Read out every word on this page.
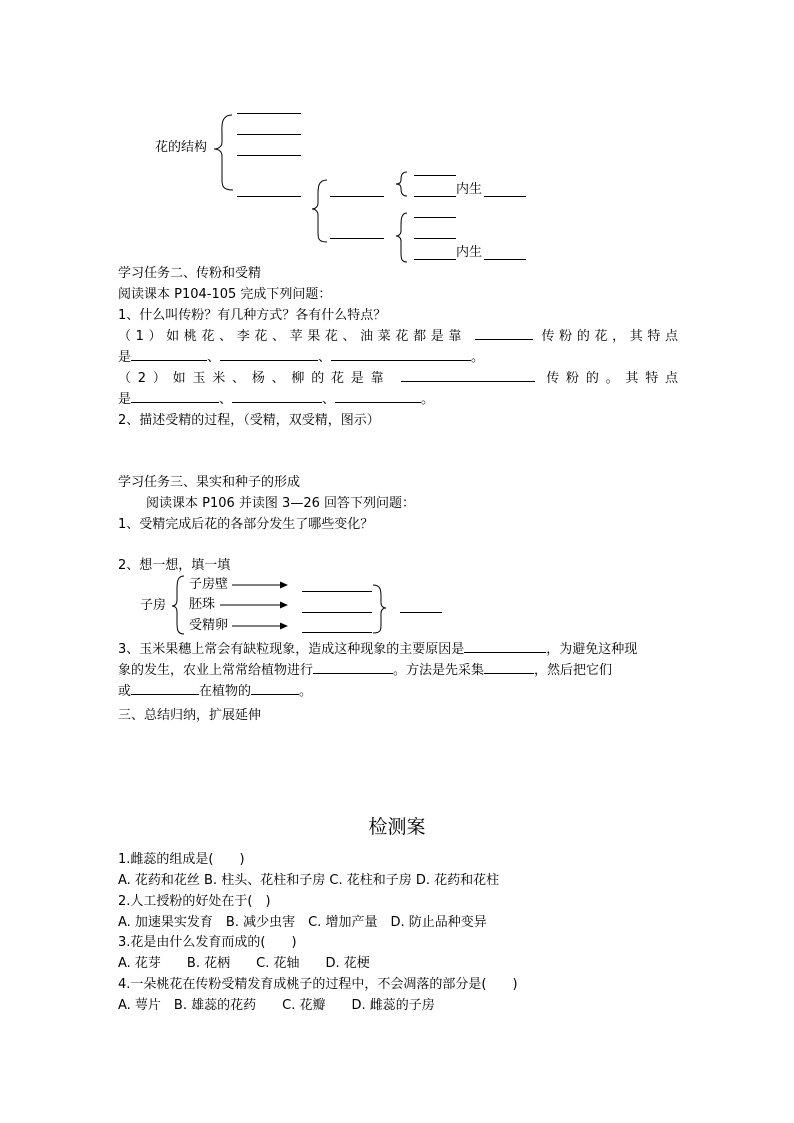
花的结构
内生
内生
学习任务二、传粉和受精
阅读课本 P104-105 完成下列问题：
1、什么叫传粉？有几种方式？各有什么特点？
（1）如桃花、李花、苹果花、油菜花都是靠	传粉的花，其特点
是	、	、	。
（2）如玉米、杨、柳的花是靠	传粉的。其特点
是	、	、	。
2、描述受精的过程，（受精，双受精，图示）
学习任务三、果实和种子的形成
阅读课本 P106 并读图 3—26 回答下列问题：
1、受精完成后花的各部分发生了哪些变化？
2、想一想，填一填
子房
子房壁
胚珠
受精卵
3、玉米果穗上常会有缺粒现象，造成这种现象的主要原因是	，为避免这种现
象的发生，农业上常常给植物进行	。方法是先采集	，然后把它们
或	在植物的	。
三、总结归纳，扩展延伸
检测案
1.雌蕊的组成是(　　)
A. 花药和花丝 B. 柱头、花柱和子房 C. 花柱和子房 D. 花药和花柱
2.人工授粉的好处在于(　)
A. 加速果实发育　B. 减少虫害　C. 增加产量　D. 防止品种变异
3.花是由什么发育而成的(　　)
A. 花芽　　B. 花柄　　C. 花轴　　D. 花梗
4.一朵桃花在传粉受精发育成桃子的过程中，不会凋落的部分是(　　)
A. 萼片　B. 雄蕊的花药　　C. 花瓣　　D. 雌蕊的子房
